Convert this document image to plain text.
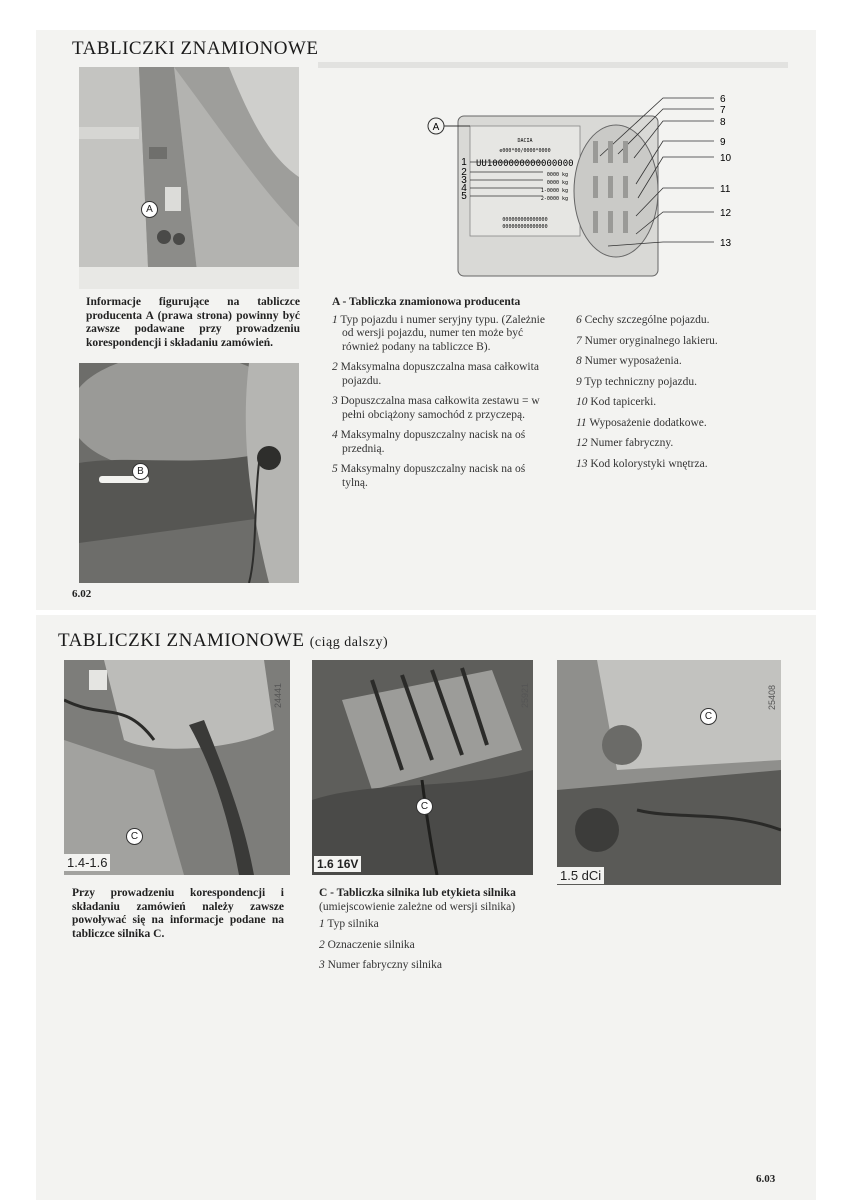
TABLICZKI ZNAMIONOWE
A
Informacje figurujące na tabliczce producenta A (prawa strona) powinny być zawsze podawane przy prowadzeniu korespondencji i składaniu zamówień.
B
A
DACIA
e000*00/0000*0000
UU1000000000000000
0000 kg
0000 kg
1-0000 kg
2-0000 kg
000000000000000
000000000000000
1
2
3
4
5
6
7
8
9
10
11
12
13
A - Tabliczka znamionowa producenta
1 Typ pojazdu i numer seryjny typu. (Zależnie od wersji pojazdu, numer ten może być również podany na tabliczce B).
2 Maksymalna dopuszczalna masa całkowita pojazdu.
3 Dopuszczalna masa całkowita zestawu = w pełni obciążony samochód z przyczepą.
4 Maksymalny dopuszczalny nacisk na oś przednią.
5 Maksymalny dopuszczalny nacisk na oś tylną.
6 Cechy szczególne pojazdu.
7 Numer oryginalnego lakieru.
8 Numer wyposażenia.
9 Typ techniczny pojazdu.
10 Kod tapicerki.
11 Wyposażenie dodatkowe.
12 Numer fabryczny.
13 Kod kolorystyki wnętrza.
6.02
TABLICZKI ZNAMIONOWE (ciąg dalszy)
24441
C
1.4-1.6
25921
C
1.6 16V
25408
C
1.5 dCi
Przy prowadzeniu korespondencji i składaniu zamówień należy zawsze powoływać się na informacje podane na tabliczce silnika C.
C - Tabliczka silnika lub etykieta silnika
(umiejscowienie zależne od wersji silnika)
1 Typ silnika
2 Oznaczenie silnika
3 Numer fabryczny silnika
6.03
